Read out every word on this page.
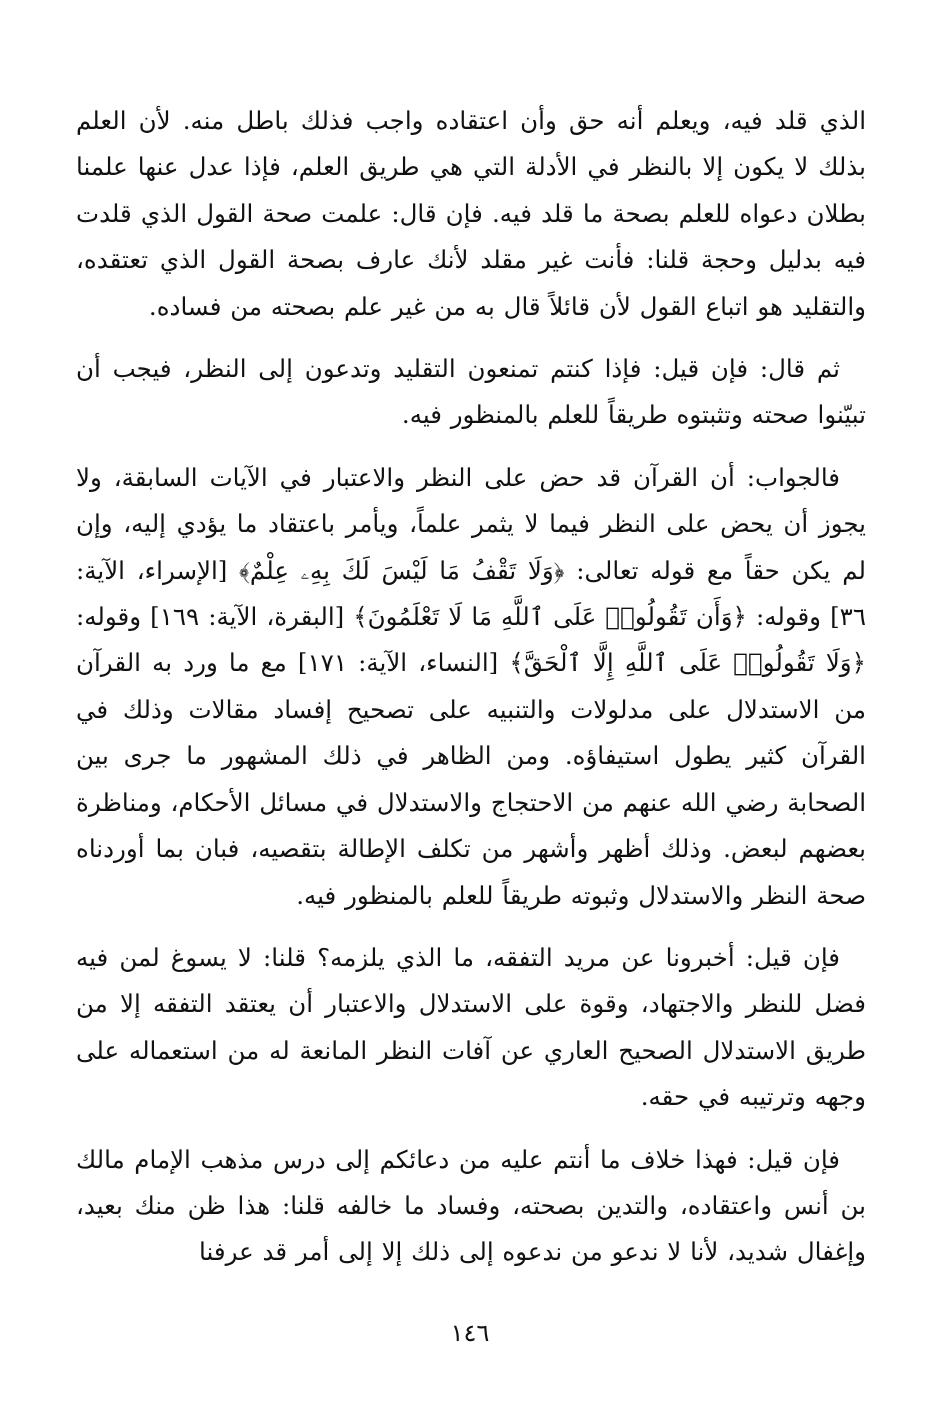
الذي قلد فيه، ويعلم أنه حق وأن اعتقاده واجب فذلك باطل منه. لأن العلم بذلك لا يكون إلا بالنظر في الأدلة التي هي طريق العلم، فإذا عدل عنها علمنا بطلان دعواه للعلم بصحة ما قلد فيه. فإن قال: علمت صحة القول الذي قلدت فيه بدليل وحجة قلنا: فأنت غير مقلد لأنك عارف بصحة القول الذي تعتقده، والتقليد هو اتباع القول لأن قائلاً قال به من غير علم بصحته من فساده.

ثم قال: فإن قيل: فإذا كنتم تمنعون التقليد وتدعون إلى النظر، فيجب أن تبيّنوا صحته وتثبتوه طريقاً للعلم بالمنظور فيه.

فالجواب: أن القرآن قد حض على النظر والاعتبار في الآيات السابقة، ولا يجوز أن يحض على النظر فيما لا يثمر علماً، ويأمر باعتقاد ما يؤدي إليه، وإن لم يكن حقاً مع قوله تعالى: ﴿وَلَا تَقْفُ مَا لَيْسَ لَكَ بِهِۦ عِلْمٌ﴾ [الإسراء، الآية: ٣٦] وقوله: ﴿وَأَن تَقُولُوا۟ عَلَى ٱللَّهِ مَا لَا تَعْلَمُونَ﴾ [البقرة، الآية: ١٦٩] وقوله: ﴿وَلَا تَقُولُوا۟ عَلَى ٱللَّهِ إِلَّا ٱلْحَقَّ﴾ [النساء، الآية: ١٧١] مع ما ورد به القرآن من الاستدلال على مدلولات والتنبيه على تصحيح إفساد مقالات وذلك في القرآن كثير يطول استيفاؤه. ومن الظاهر في ذلك المشهور ما جرى بين الصحابة رضي الله عنهم من الاحتجاج والاستدلال في مسائل الأحكام، ومناظرة بعضهم لبعض. وذلك أظهر وأشهر من تكلف الإطالة بتقصيه، فبان بما أوردناه صحة النظر والاستدلال وثبوته طريقاً للعلم بالمنظور فيه.

فإن قيل: أخبرونا عن مريد التفقه، ما الذي يلزمه؟ قلنا: لا يسوغ لمن فيه فضل للنظر والاجتهاد، وقوة على الاستدلال والاعتبار أن يعتقد التفقه إلا من طريق الاستدلال الصحيح العاري عن آفات النظر المانعة له من استعماله على وجهه وترتيبه في حقه.

فإن قيل: فهذا خلاف ما أنتم عليه من دعائكم إلى درس مذهب الإمام مالك بن أنس واعتقاده، والتدين بصحته، وفساد ما خالفه قلنا: هذا ظن منك بعيد، وإغفال شديد، لأنا لا ندعو من ندعوه إلى ذلك إلا إلى أمر قد عرفنا

١٤٦
